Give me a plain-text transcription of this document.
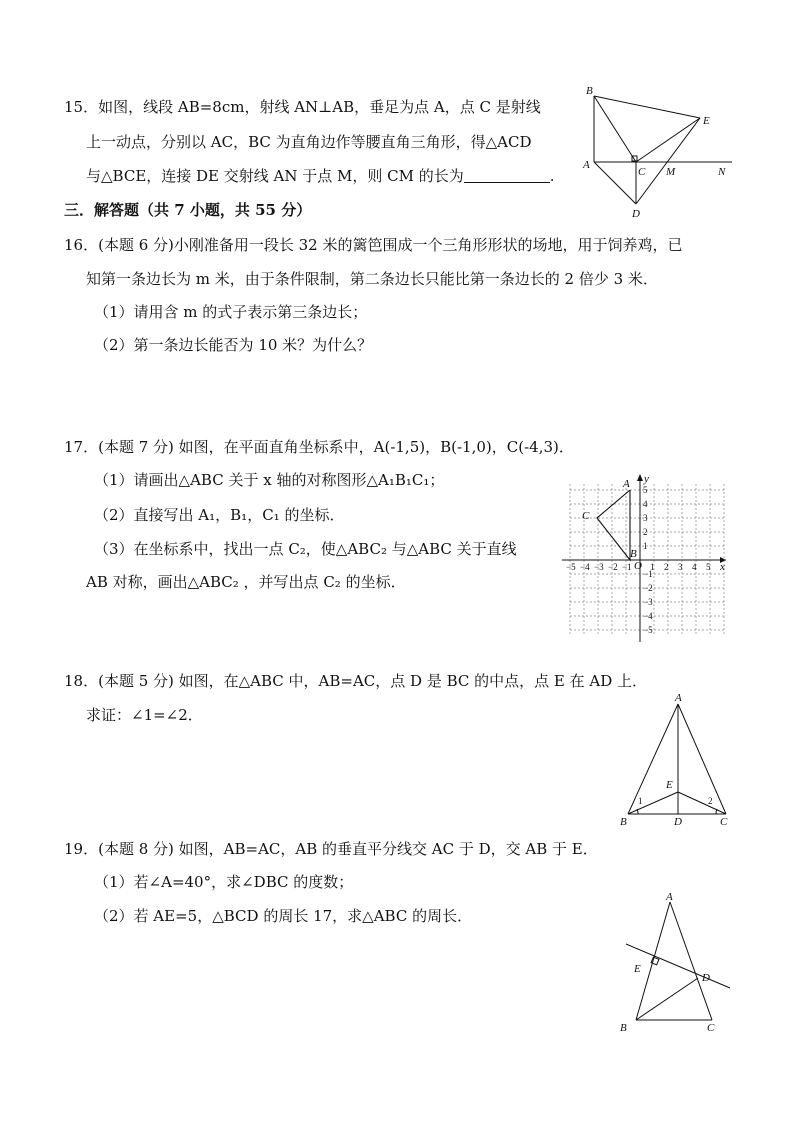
15．如图，线段 AB=8cm，射线 AN⊥AB，垂足为点 A，点 C 是射线
上一动点，分别以 AC，BC 为直角边作等腰直角三角形，得△ACD
与△BCE，连接 DE 交射线 AN 于点 M，则 CM 的长为	.
B
E
A
C M	N
D
三．解答题（共 7 小题，共 55 分）
16．(本题 6 分)小刚准备用一段长 32 米的篱笆围成一个三角形形状的场地，用于饲养鸡，已
知第一条边长为 m 米，由于条件限制，第二条边长只能比第一条边长的 2 倍少 3 米．
（1）请用含 m 的式子表示第三条边长；
（2）第一条边长能否为 10 米？为什么？
17．(本题 7 分) 如图，在平面直角坐标系中，A(-1,5)，B(-1,0)，C(-4,3)．
（1）请画出△ABC 关于 x 轴的对称图形△A₁B₁C₁；
（2）直接写出 A₁，B₁，C₁ 的坐标．
（3）在坐标系中，找出一点 C₂，使△ABC₂ 与△ABC 关于直线
AB 对称，画出△ABC₂ ，并写出点 C₂ 的坐标．
−5 −4 −3 −2 −1 1 2 3 4 5
5
4
3
2
1
−1
−2
−3
−4
−5
A
B
C
O	x
y
18．(本题 5 分) 如图，在△ABC 中，AB=AC，点 D 是 BC 的中点，点 E 在 AD 上．
求证：∠1=∠2．
A
B	C
D
E
1	2
19．(本题 8 分) 如图，AB=AC，AB 的垂直平分线交 AC 于 D，交 AB 于 E．
（1）若∠A=40°，求∠DBC 的度数；
（2）若 AE=5，△BCD 的周长 17，求△ABC 的周长．
A
B	C
D
E
